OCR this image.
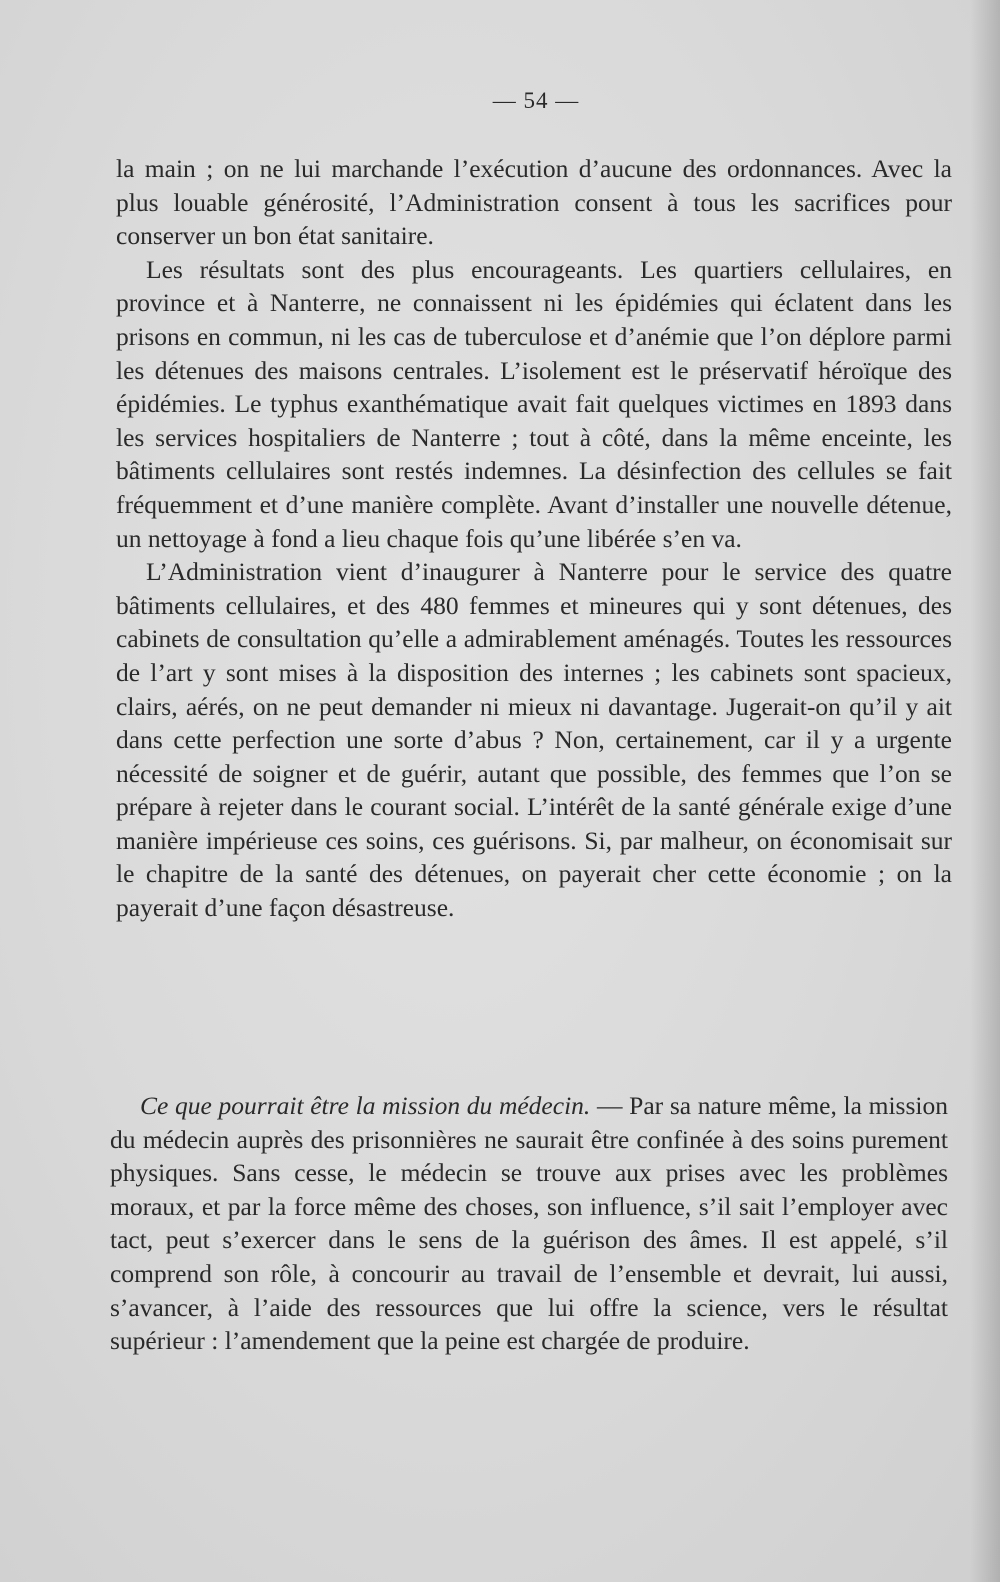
— 54 —

la main ; on ne lui marchande l’exécution d’aucune des ordonnances. Avec la plus louable générosité, l’Administration consent à tous les sacrifices pour conserver un bon état sanitaire.

Les résultats sont des plus encourageants. Les quartiers cellulaires, en province et à Nanterre, ne connaissent ni les épidémies qui éclatent dans les prisons en commun, ni les cas de tuberculose et d’anémie que l’on déplore parmi les détenues des maisons centrales. L’isolement est le préservatif héroïque des épidémies. Le typhus exanthématique avait fait quelques victimes en 1893 dans les services hospitaliers de Nanterre ; tout à côté, dans la même enceinte, les bâtiments cellulaires sont restés indemnes. La désinfection des cellules se fait fréquemment et d’une manière complète. Avant d’installer une nouvelle détenue, un nettoyage à fond a lieu chaque fois qu’une libérée s’en va.

L’Administration vient d’inaugurer à Nanterre pour le service des quatre bâtiments cellulaires, et des 480 femmes et mineures qui y sont détenues, des cabinets de consultation qu’elle a admirablement aménagés. Toutes les ressources de l’art y sont mises à la disposition des internes ; les cabinets sont spacieux, clairs, aérés, on ne peut demander ni mieux ni davantage. Jugerait-on qu’il y ait dans cette perfection une sorte d’abus ? Non, certainement, car il y a urgente nécessité de soigner et de guérir, autant que possible, des femmes que l’on se prépare à rejeter dans le courant social. L’intérêt de la santé générale exige d’une manière impérieuse ces soins, ces guérisons. Si, par malheur, on économisait sur le chapitre de la santé des détenues, on payerait cher cette économie ; on la payerait d’une façon désastreuse.

Ce que pourrait être la mission du médecin. — Par sa nature même, la mission du médecin auprès des prisonnières ne saurait être confinée à des soins purement physiques. Sans cesse, le médecin se trouve aux prises avec les problèmes moraux, et par la force même des choses, son influence, s’il sait l’employer avec tact, peut s’exercer dans le sens de la guérison des âmes. Il est appelé, s’il comprend son rôle, à concourir au travail de l’ensemble et devrait, lui aussi, s’avancer, à l’aide des ressources que lui offre la science, vers le résultat supérieur : l’amendement que la peine est chargée de produire.
